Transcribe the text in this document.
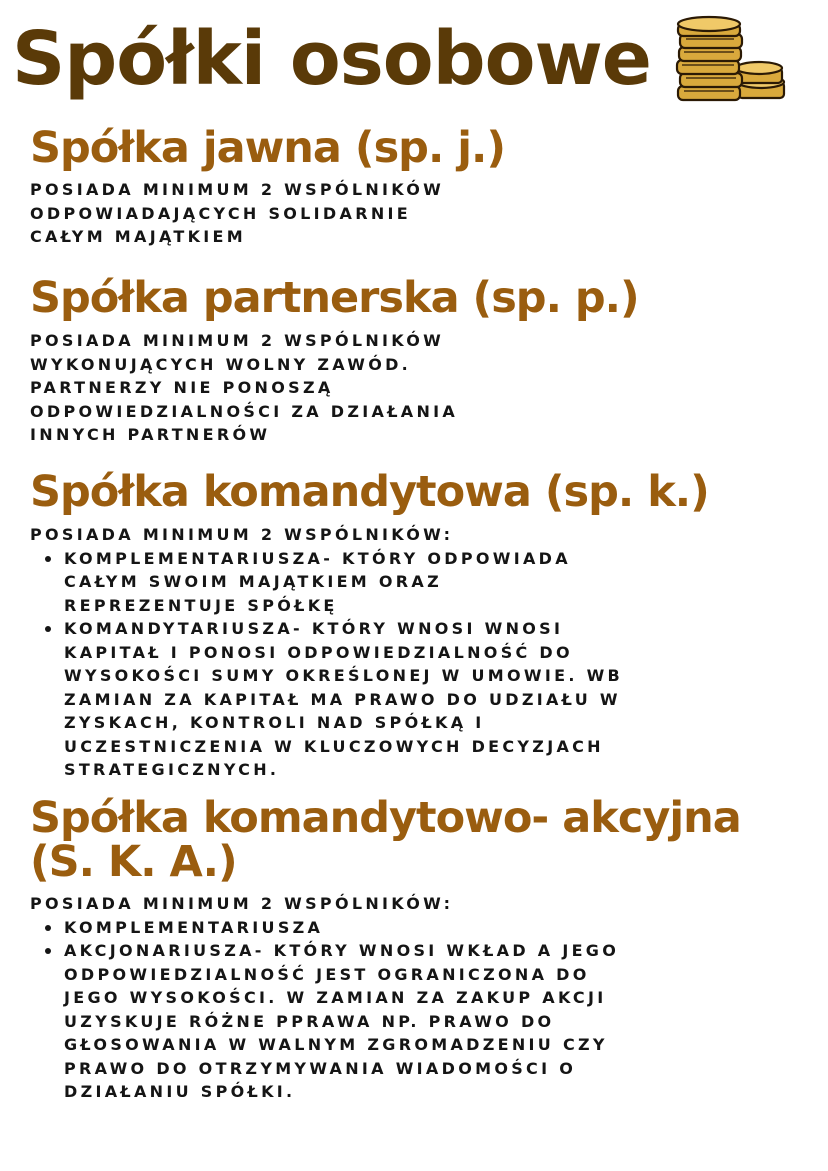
Spółki osobowe
Spółka jawna (sp. j.)
POSIADA MINIMUM 2 WSPÓLNIKÓW
ODPOWIADAJĄCYCH SOLIDARNIE
CAŁYM MAJĄTKIEM
Spółka partnerska (sp. p.)
POSIADA MINIMUM 2 WSPÓLNIKÓW
WYKONUJĄCYCH WOLNY ZAWÓD.
PARTNERZY NIE PONOSZĄ
ODPOWIEDZIALNOŚCI ZA DZIAŁANIA
INNYCH PARTNERÓW
Spółka komandytowa (sp. k.)
POSIADA MINIMUM 2 WSPÓLNIKÓW:
KOMPLEMENTARIUSZA- KTÓRY ODPOWIADA
CAŁYM SWOIM MAJĄTKIEM ORAZ
REPREZENTUJE SPÓŁKĘ
KOMANDYTARIUSZA- KTÓRY WNOSI WNOSI
KAPITAŁ I PONOSI ODPOWIEDZIALNOŚĆ DO
WYSOKOŚCI SUMY OKREŚLONEJ W UMOWIE. WB
ZAMIAN ZA KAPITAŁ MA PRAWO DO UDZIAŁU W
ZYSKACH, KONTROLI NAD SPÓŁKĄ I
UCZESTNICZENIA W KLUCZOWYCH DECYZJACH
STRATEGICZNYCH.
Spółka komandytowo- akcyjna
(S. K. A.)
POSIADA MINIMUM 2 WSPÓLNIKÓW:
KOMPLEMENTARIUSZA
AKCJONARIUSZA- KTÓRY WNOSI WKŁAD A JEGO
ODPOWIEDZIALNOŚĆ JEST OGRANICZONA DO
JEGO WYSOKOŚCI. W ZAMIAN ZA ZAKUP AKCJI
UZYSKUJE RÓŻNE PPRAWA NP. PRAWO DO
GŁOSOWANIA W WALNYM ZGROMADZENIU CZY
PRAWO DO OTRZYMYWANIA WIADOMOŚCI O
DZIAŁANIU SPÓŁKI.
